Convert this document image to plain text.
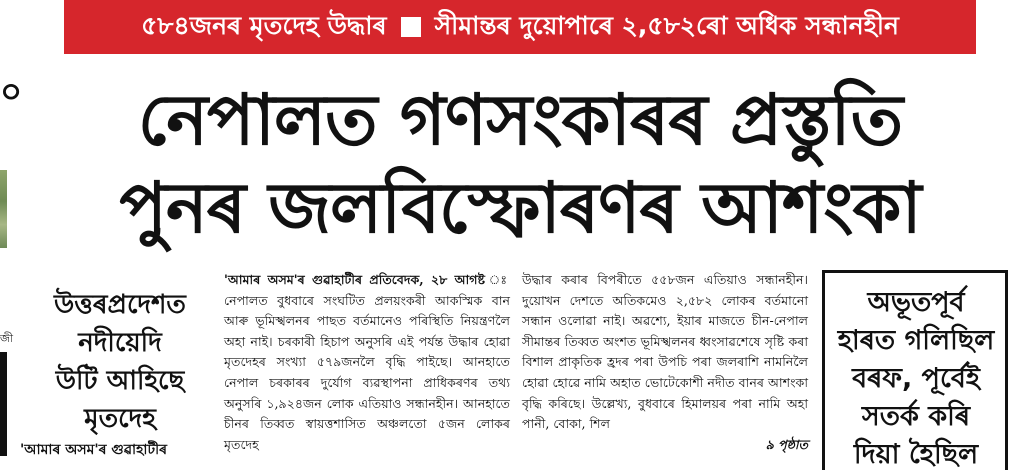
৫৮৪জনৰ মৃতদেহ উদ্ধাৰ সীমান্তৰ দুয়োপাৰে ২,৫৮২ৰো অধিক সন্ধানহীন
০
জী
নেপালত গণসংকাৰৰ প্ৰস্তুতি
পুনৰ জলবিস্ফোৰণৰ আশংকা
উত্তৰপ্ৰদেশত
নদীয়েদি
উটি আহিছে
মৃতদেহ
'আমাৰ অসম'ৰ গুৱাহাটীৰ

'আমাৰ অসম'ৰ গুৱাহাটীৰ প্ৰতিবেদক, ২৮ আগষ্ট নেপালত বুধবাৰে সংঘটিত প্ৰলয়ংকৰী আকস্মিক বান আৰু ভূমিস্খলনৰ পাছত বৰ্তমানেও পৰিস্থিতি নিয়ন্ত্ৰণলৈ অহা নাই। চৰকাৰী হিচাপ অনুসৰি এই পৰ্যন্ত উদ্ধাৰ হোৱা মৃতদেহৰ সংখ্যা ৫৭৯জনলৈ বৃদ্ধি পাইছে। আনহাতে নেপাল চৰকাৰৰ দুৰ্যোগ ব্যৱস্থাপনা প্ৰাধিকৰণৰ তথ্য অনুসৰি ১,৯২৪জন লোক এতিয়াও সন্ধানহীন। আনহাতে চীনৰ তিব্বত স্বায়ত্তশাসিত অঞ্চলতো ৫জন লোকৰ মৃতদেহ

উদ্ধাৰ কৰাৰ বিপৰীতে ৫৫৮জন এতিয়াও সন্ধানহীন। দুয়োখন দেশতে অতিকমেও ২,৫৮২ লোকৰ বৰ্তমানো সন্ধান ওলোৱা নাই। অৱশ্যে, ইয়াৰ মাজতে চীন-নেপাল সীমান্তৰ তিব্বত অংশত ভূমিস্খলনৰ ধ্বংসাৱশেষে সৃষ্টি কৰা বিশাল প্ৰাকৃতিক হ্ৰদৰ পৰা উপচি পৰা জলৰাশি নামনিলৈ হোৱা হোৱে নামি অহাত ভোটেকোশী নদীত বানৰ আশংকা বৃদ্ধি কৰিছে। উল্লেখ্য, বুধবাৰে হিমালয়ৰ পৰা নামি অহা পানী, বোকা, শিল

৯ পৃষ্ঠাত

অভূতপূৰ্ব
হাৰত গলিছিল
বৰফ, পূৰ্বেই
সতৰ্ক কৰি
দিয়া হৈছিল
